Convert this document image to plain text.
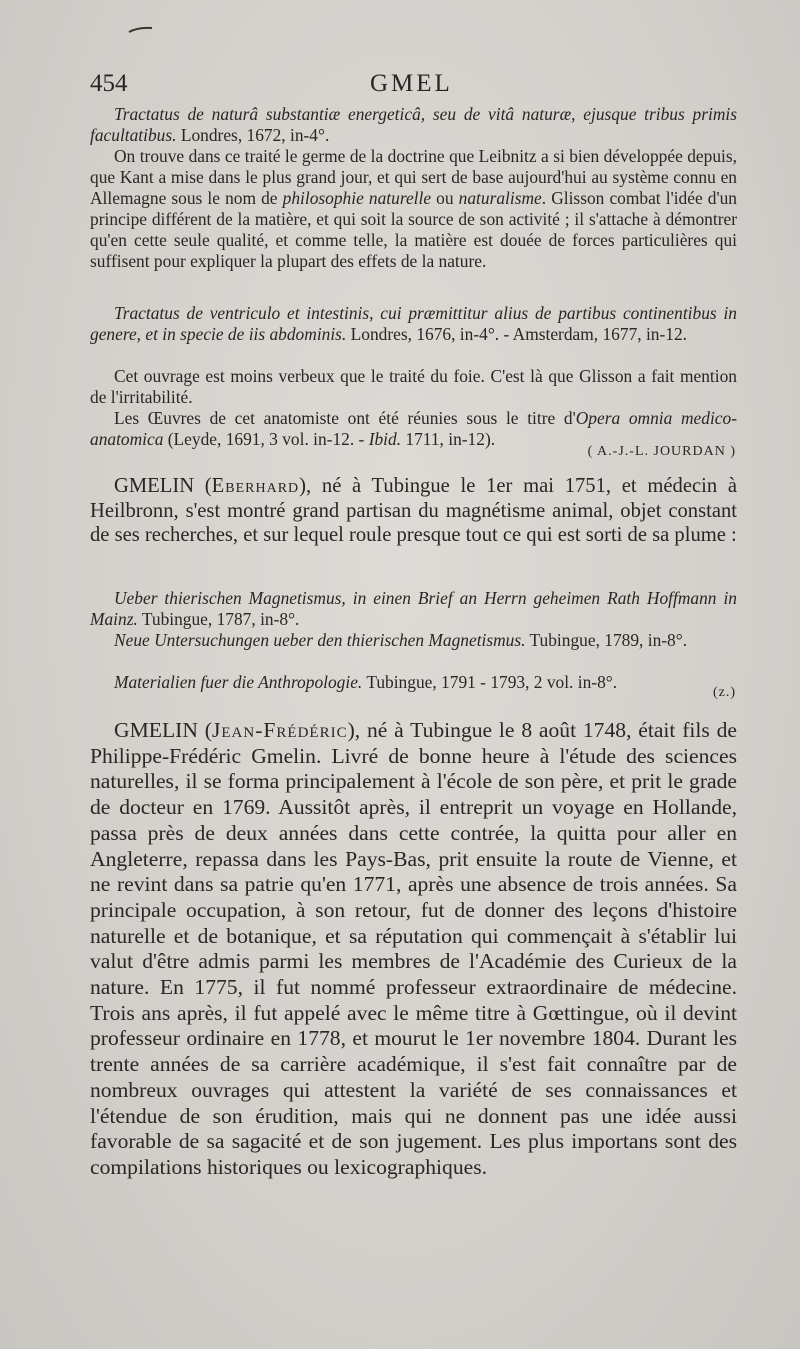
454	GMEL

Tractatus de naturâ substantiæ energeticâ, seu de vitâ naturæ, ejusque tribus primis facultatibus. Londres, 1672, in-4°.

On trouve dans ce traité le germe de la doctrine que Leibnitz a si bien développée depuis, que Kant a mise dans le plus grand jour, et qui sert de base aujourd'hui au système connu en Allemagne sous le nom de philosophie naturelle ou naturalisme. Glisson combat l'idée d'un principe différent de la matière, et qui soit la source de son activité ; il s'attache à démontrer qu'en cette seule qualité, et comme telle, la matière est douée de forces particulières qui suffisent pour expliquer la plupart des effets de la nature.

Tractatus de ventriculo et intestinis, cui præmittitur alius de partibus continentibus in genere, et in specie de iis abdominis. Londres, 1676, in-4°. - Amsterdam, 1677, in-12.

Cet ouvrage est moins verbeux que le traité du foie. C'est là que Glisson a fait mention de l'irritabilité.

Les Œuvres de cet anatomiste ont été réunies sous le titre d'Opera omnia medico-anatomica (Leyde, 1691, 3 vol. in-12. - Ibid. 1711, in-12).

( A.-J.-L. JOURDAN )

GMELIN (Eberhard), né à Tubingue le 1er mai 1751, et médecin à Heilbronn, s'est montré grand partisan du magnétisme animal, objet constant de ses recherches, et sur lequel roule presque tout ce qui est sorti de sa plume :

Ueber thierischen Magnetismus, in einen Brief an Herrn geheimen Rath Hoffmann in Mainz. Tubingue, 1787, in-8°.

Neue Untersuchungen ueber den thierischen Magnetismus. Tubingue, 1789, in-8°.

Materialien fuer die Anthropologie. Tubingue, 1791 - 1793, 2 vol. in-8°.

(z.)

GMELIN (Jean-Frédéric), né à Tubingue le 8 août 1748, était fils de Philippe-Frédéric Gmelin. Livré de bonne heure à l'étude des sciences naturelles, il se forma principalement à l'école de son père, et prit le grade de docteur en 1769. Aussitôt après, il entreprit un voyage en Hollande, passa près de deux années dans cette contrée, la quitta pour aller en Angleterre, repassa dans les Pays-Bas, prit ensuite la route de Vienne, et ne revint dans sa patrie qu'en 1771, après une absence de trois années. Sa principale occupation, à son retour, fut de donner des leçons d'histoire naturelle et de botanique, et sa réputation qui commençait à s'établir lui valut d'être admis parmi les membres de l'Académie des Curieux de la nature. En 1775, il fut nommé professeur extraordinaire de médecine. Trois ans après, il fut appelé avec le même titre à Gœttingue, où il devint professeur ordinaire en 1778, et mourut le 1er novembre 1804. Durant les trente années de sa carrière académique, il s'est fait connaître par de nombreux ouvrages qui attestent la variété de ses connaissances et l'étendue de son érudition, mais qui ne donnent pas une idée aussi favorable de sa sagacité et de son jugement. Les plus importans sont des compilations historiques ou lexicographiques.
